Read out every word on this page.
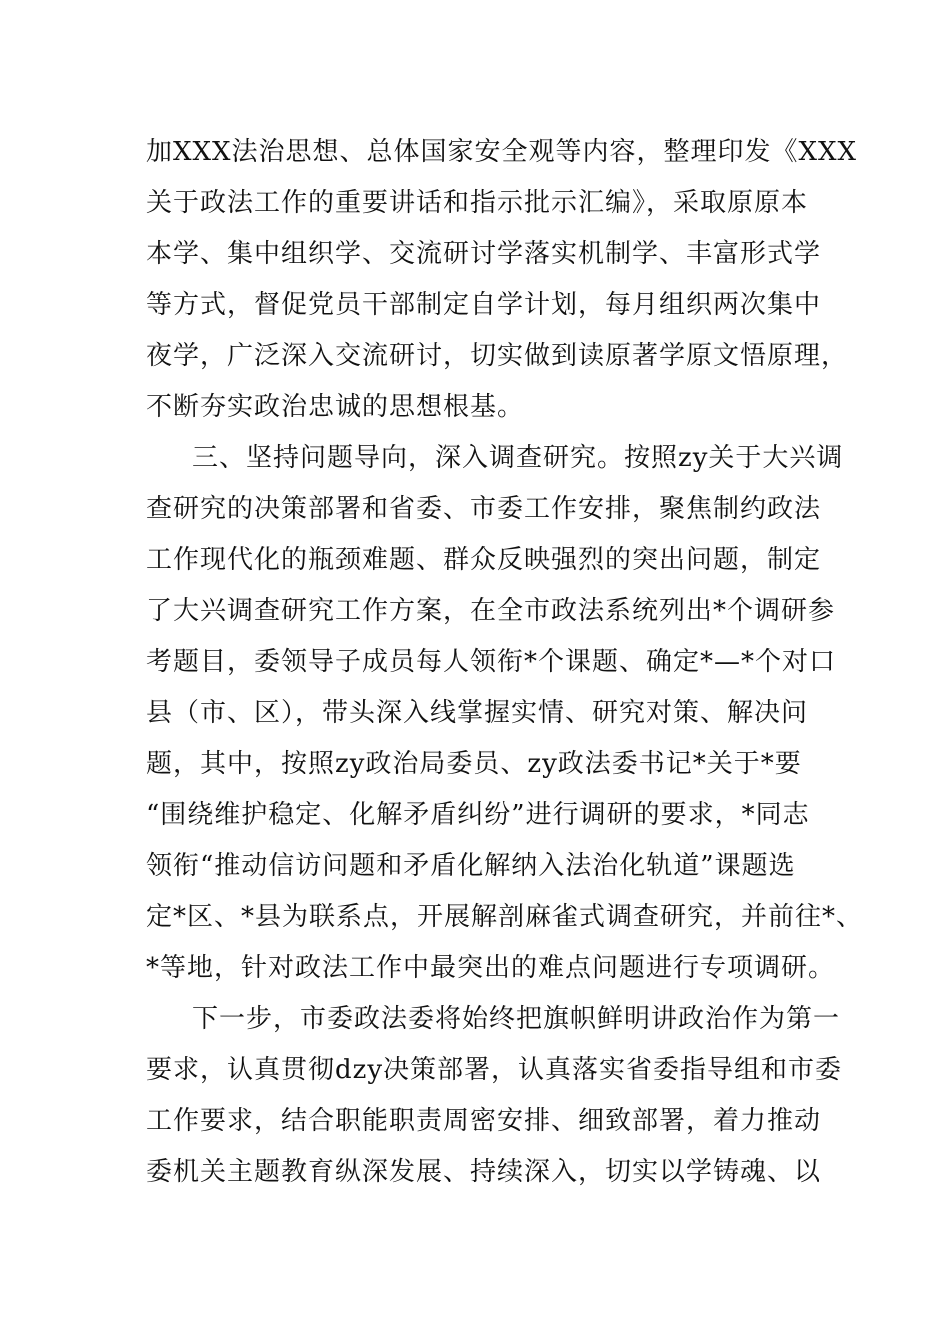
加XXX法治思想、总体国家安全观等内容，整理印发《XXX
关于政法工作的重要讲话和指示批示汇编》，采取原原本
本学、集中组织学、交流研讨学落实机制学、丰富形式学
等方式，督促党员干部制定自学计划，每月组织两次集中
夜学，广泛深入交流研讨，切实做到读原著学原文悟原理，
不断夯实政治忠诚的思想根基。
三、坚持问题导向，深入调查研究。按照zy关于大兴调
查研究的决策部署和省委、市委工作安排，聚焦制约政法
工作现代化的瓶颈难题、群众反映强烈的突出问题，制定
了大兴调查研究工作方案，在全市政法系统列出*个调研参
考题目，委领导子成员每人领衔*个课题、确定*—*个对口
县（市、区），带头深入线掌握实情、研究对策、解决问
题，其中，按照zy政治局委员、zy政法委书记*关于*要
“围绕维护稳定、化解矛盾纠纷”进行调研的要求，*同志
领衔“推动信访问题和矛盾化解纳入法治化轨道”课题选
定*区、*县为联系点，开展解剖麻雀式调查研究，并前往*、
*等地，针对政法工作中最突出的难点问题进行专项调研。
下一步，市委政法委将始终把旗帜鲜明讲政治作为第一
要求，认真贯彻dzy决策部署，认真落实省委指导组和市委
工作要求，结合职能职责周密安排、细致部署，着力推动
委机关主题教育纵深发展、持续深入，切实以学铸魂、以
